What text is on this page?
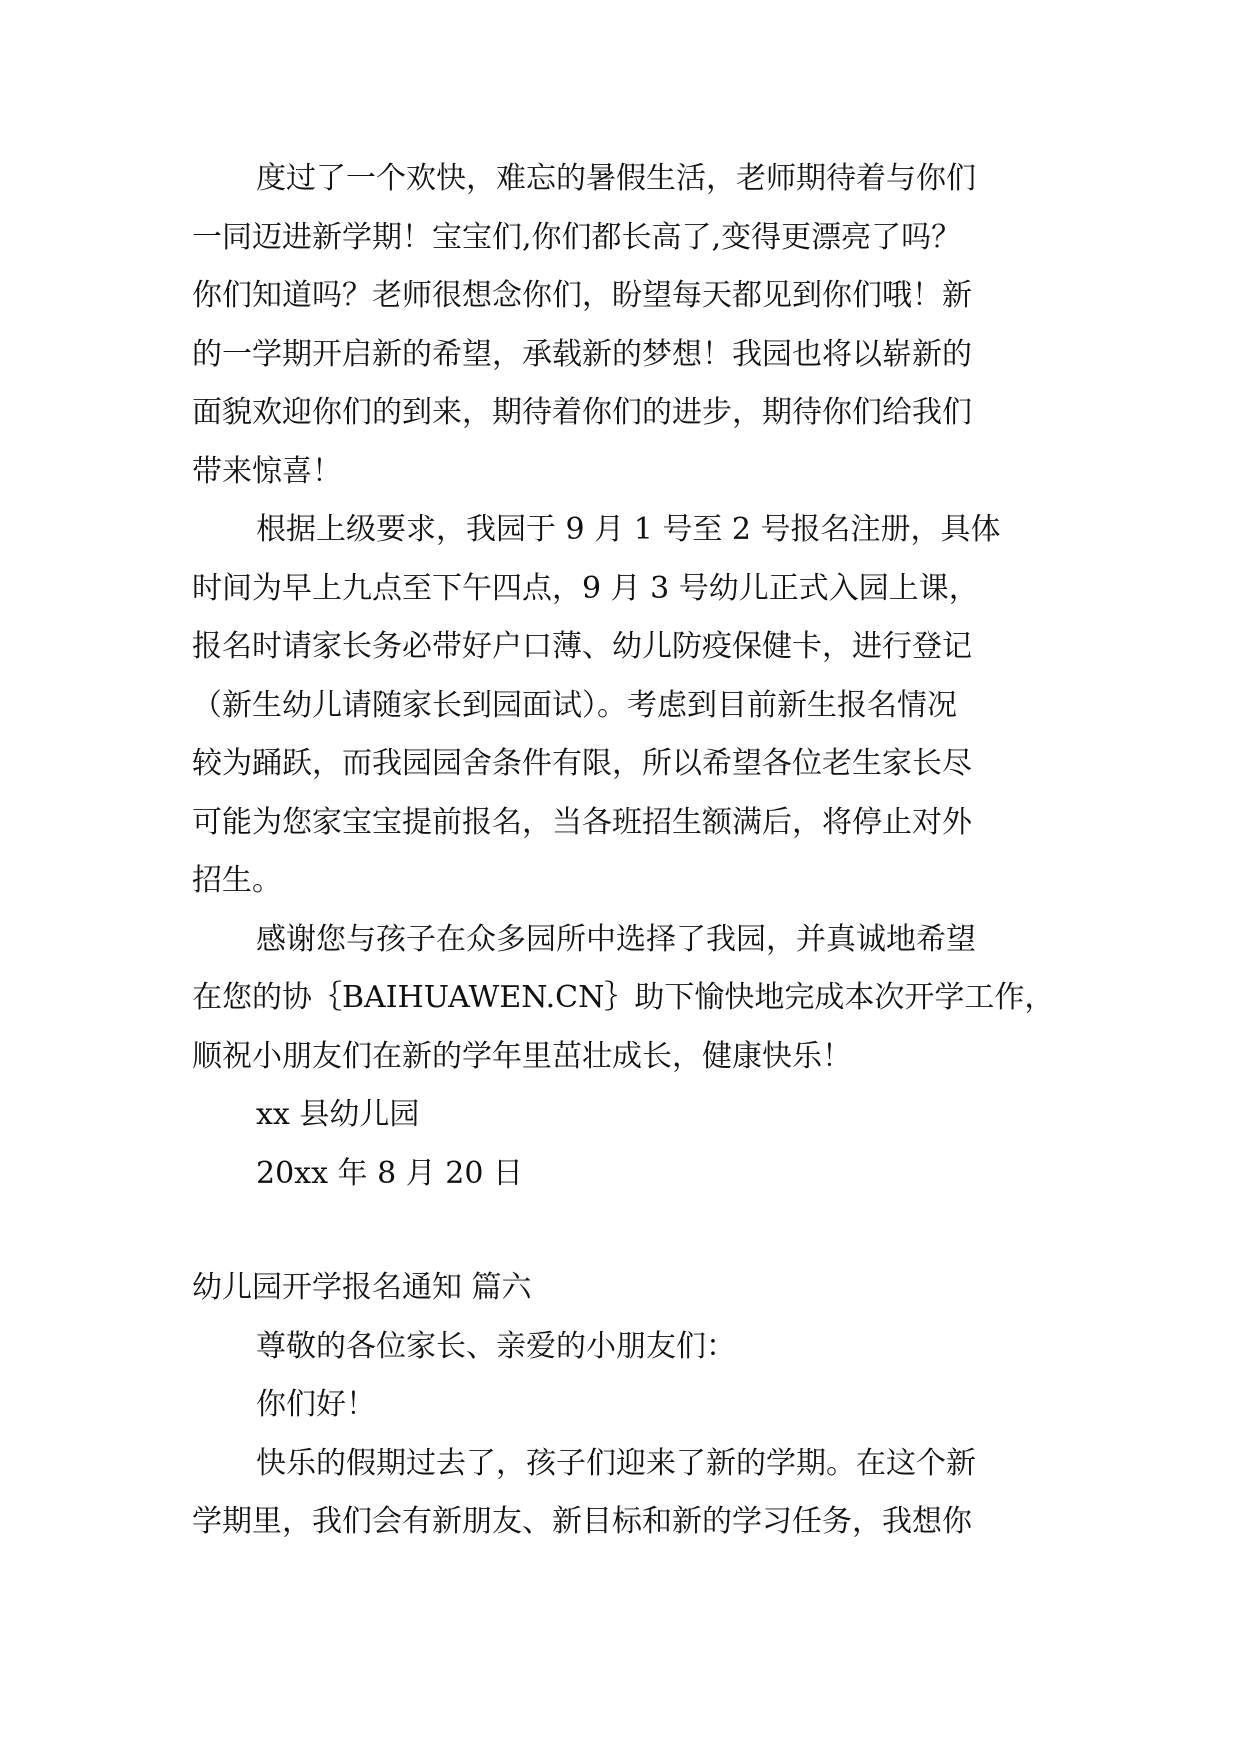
度过了一个欢快，难忘的暑假生活，老师期待着与你们
一同迈进新学期！宝宝们,你们都长高了,变得更漂亮了吗？
你们知道吗？老师很想念你们，盼望每天都见到你们哦！新
的一学期开启新的希望，承载新的梦想！我园也将以崭新的
面貌欢迎你们的到来，期待着你们的进步，期待你们给我们
带来惊喜！
根据上级要求，我园于 9 月 1 号至 2 号报名注册，具体
时间为早上九点至下午四点，9 月 3 号幼儿正式入园上课，
报名时请家长务必带好户口薄、幼儿防疫保健卡，进行登记
（新生幼儿请随家长到园面试）。考虑到目前新生报名情况
较为踊跃，而我园园舍条件有限，所以希望各位老生家长尽
可能为您家宝宝提前报名，当各班招生额满后，将停止对外
招生。
感谢您与孩子在众多园所中选择了我园，并真诚地希望
在您的协｛BAIHUAWEN.CN｝助下愉快地完成本次开学工作，
顺祝小朋友们在新的学年里茁壮成长，健康快乐！
xx 县幼儿园
20xx 年 8 月 20 日
幼儿园开学报名通知 篇六
尊敬的各位家长、亲爱的小朋友们：
你们好！
快乐的假期过去了，孩子们迎来了新的学期。在这个新
学期里，我们会有新朋友、新目标和新的学习任务，我想你
